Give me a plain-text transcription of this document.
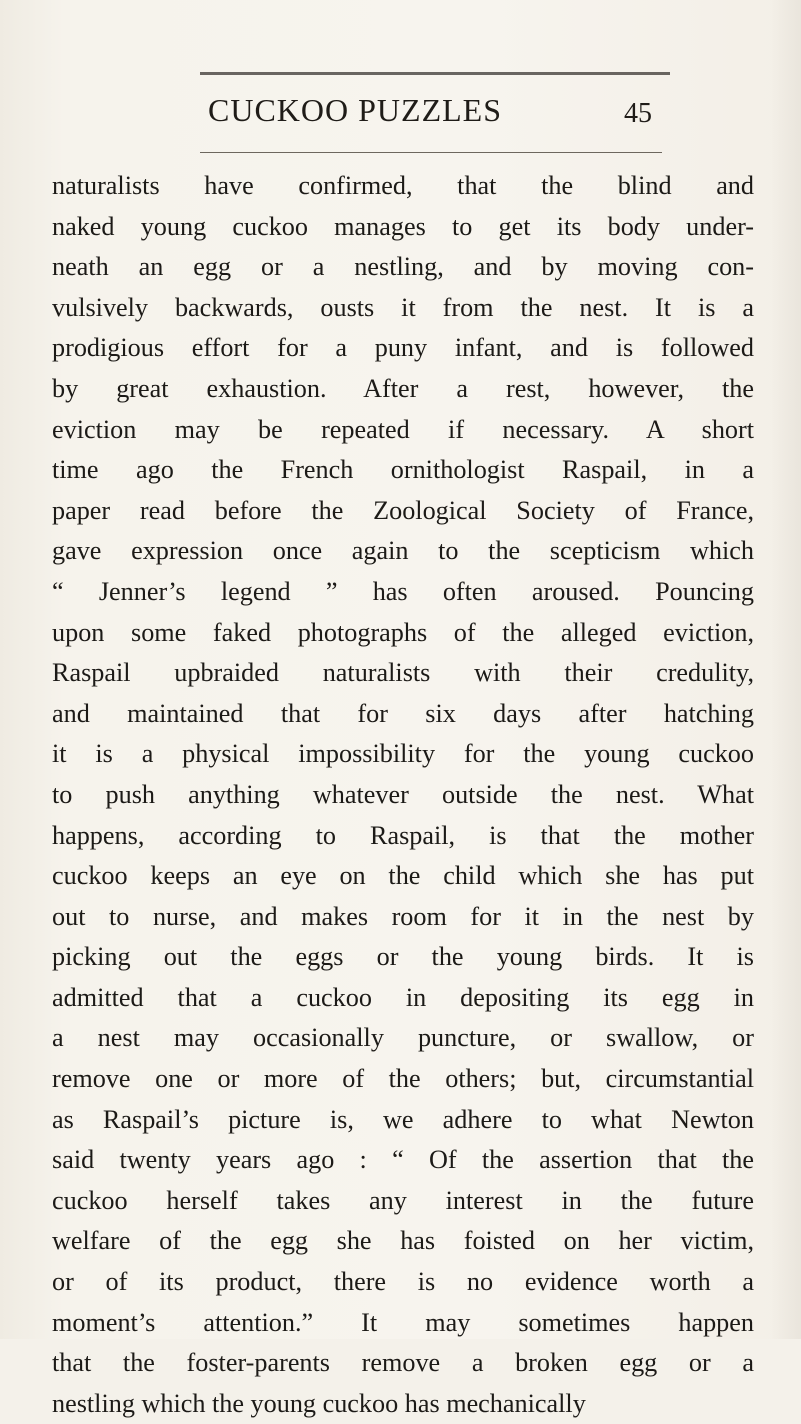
CUCKOO PUZZLES	45
naturalists have confirmed, that the blind and
naked young cuckoo manages to get its body under-
neath an egg or a nestling, and by moving con-
vulsively backwards, ousts it from the nest. It is a
prodigious effort for a puny infant, and is followed
by great exhaustion. After a rest, however, the
eviction may be repeated if necessary. A short
time ago the French ornithologist Raspail, in a
paper read before the Zoological Society of France,
gave expression once again to the scepticism which
“ Jenner’s legend ” has often aroused. Pouncing
upon some faked photographs of the alleged eviction,
Raspail upbraided naturalists with their credulity,
and maintained that for six days after hatching
it is a physical impossibility for the young cuckoo
to push anything whatever outside the nest. What
happens, according to Raspail, is that the mother
cuckoo keeps an eye on the child which she has put
out to nurse, and makes room for it in the nest by
picking out the eggs or the young birds. It is
admitted that a cuckoo in depositing its egg in
a nest may occasionally puncture, or swallow, or
remove one or more of the others; but, circumstantial
as Raspail’s picture is, we adhere to what Newton
said twenty years ago : “ Of the assertion that the
cuckoo herself takes any interest in the future
welfare of the egg she has foisted on her victim,
or of its product, there is no evidence worth a
moment’s attention.” It may sometimes happen
that the foster-parents remove a broken egg or a
nestling which the young cuckoo has mechanically
